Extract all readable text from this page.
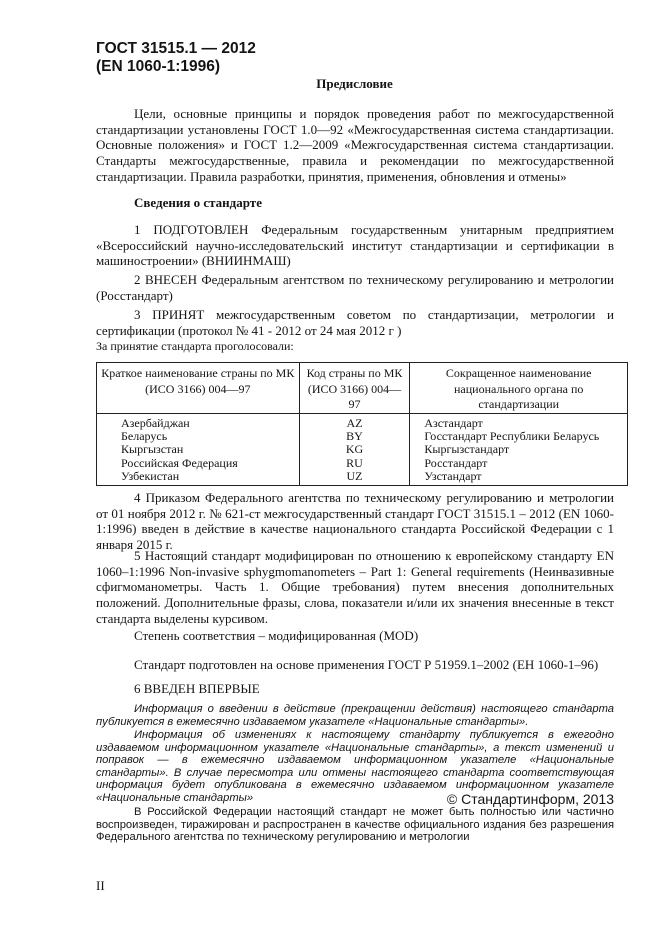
ГОСТ 31515.1 — 2012
(EN 1060-1:1996)
Предисловие

Цели, основные принципы и порядок проведения работ по межгосударственной стандартизации установлены ГОСТ 1.0—92 «Межгосударственная система стандартизации. Основные положения» и ГОСТ 1.2—2009 «Межгосударственная система стандартизации. Стандарты межгосударственные, правила и рекомендации по межгосударственной стандартизации. Правила разработки, принятия, применения, обновления и отмены»

Сведения о стандарте

1 ПОДГОТОВЛЕН Федеральным государственным унитарным предприятием «Всероссийский научно-исследовательский институт стандартизации и сертификации в машиностроении» (ВНИИНМАШ)

2 ВНЕСЕН Федеральным агентством по техническому регулированию и метрологии (Росстандарт)

3 ПРИНЯТ межгосударственным советом по стандартизации, метрологии и сертификации (протокол № 41 - 2012 от 24 мая 2012 г )

За принятие стандарта проголосовали:
Краткое наименование страны по МК (ИСО 3166) 004—97	Код страны по МК (ИСО 3166) 004—97	Сокращенное наименование национального органа по стандартизации
Азербайджан	AZ	Азстандарт
Беларусь	BY	Госстандарт Республики Беларусь
Кыргызстан	KG	Кыргызстандарт
Российская Федерация	RU	Росстандарт
Узбекистан	UZ	Узстандарт

4 Приказом Федерального агентства по техническому регулированию и метрологии от 01 ноября 2012 г. № 621-ст межгосударственный стандарт ГОСТ 31515.1 – 2012 (EN 1060-1:1996) введен в действие в качестве национального стандарта Российской Федерации с 1 января 2015 г.

5 Настоящий стандарт модифицирован по отношению к европейскому стандарту EN 1060–1:1996 Non-invasive sphygmomanometers – Part 1: General requirements (Неинвазивные сфигмоманометры. Часть 1. Общие требования) путем внесения дополнительных положений. Дополнительные фразы, слова, показатели и/или их значения внесенные в текст стандарта выделены курсивом.

Степень соответствия – модифицированная (MOD)

Стандарт подготовлен на основе применения ГОСТ Р 51959.1–2002 (ЕН 1060-1–96)

6 ВВЕДЕН ВПЕРВЫЕ

Информация о введении в действие (прекращении действия) настоящего стандарта публикуется в ежемесячно издаваемом указателе «Национальные стандарты».

Информация об изменениях к настоящему стандарту публикуется в ежегодно издаваемом информационном указателе «Национальные стандарты», а текст изменений и поправок — в ежемесячно издаваемом информационном указателе «Национальные стандарты». В случае пересмотра или отмены настоящего стандарта соответствующая информация будет опубликована в ежемесячно издаваемом информационном указателе «Национальные стандарты»	© Стандартинформ, 2013

В Российской Федерации настоящий стандарт не может быть полностью или частично воспроизведен, тиражирован и распространен в качестве официального издания без разрешения Федерального агентства по техническому регулированию и метрологии

II
